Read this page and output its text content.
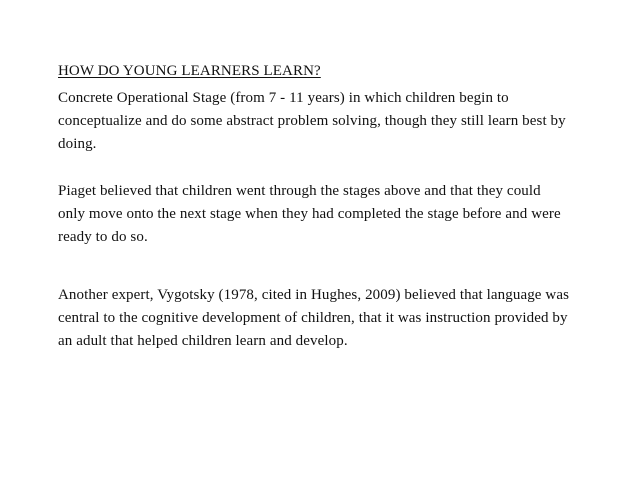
HOW DO YOUNG LEARNERS LEARN?

Concrete Operational Stage (from 7 - 11 years) in which children begin to
conceptualize and do some abstract problem solving, though they still learn best by
doing.

Piaget believed that children went through the stages above and that they could
only move onto the next stage when they had completed the stage before and were
ready to do so.

Another expert, Vygotsky (1978, cited in Hughes, 2009) believed that language was
central to the cognitive development of children, that it was instruction provided by
an adult that helped children learn and develop.
